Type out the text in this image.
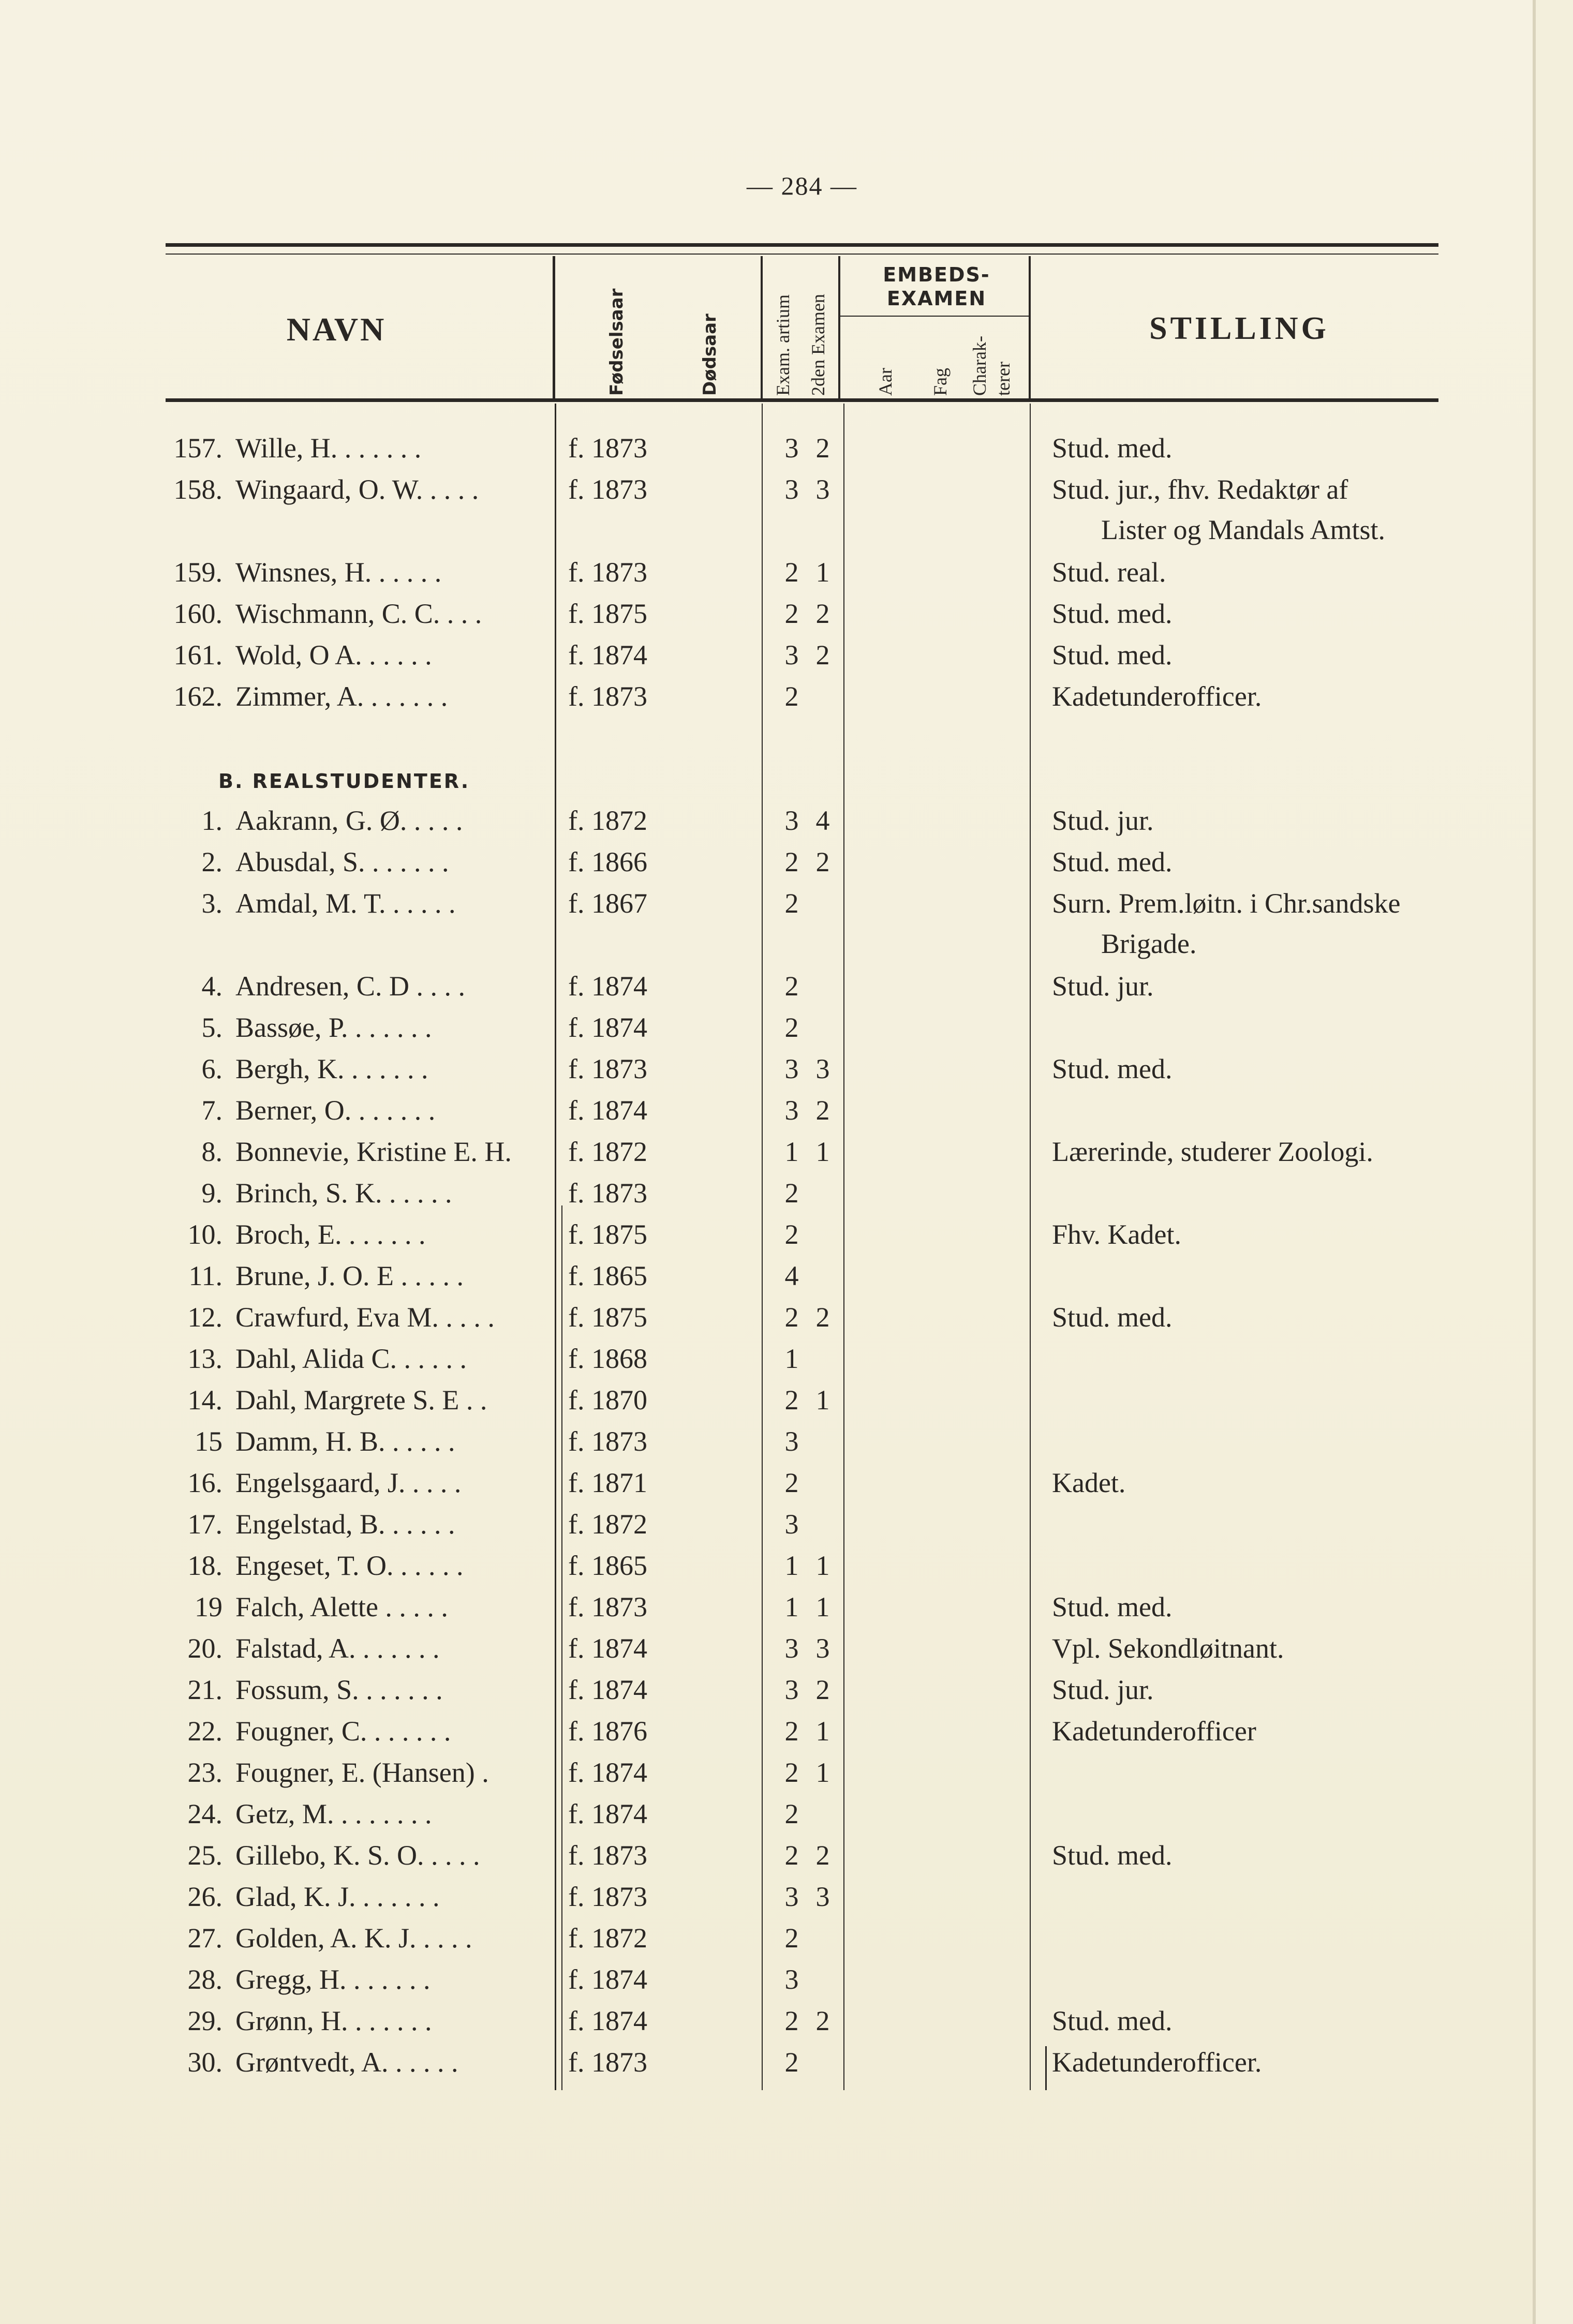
— 284 —
NAVN	STILLING
EMBEDS-
EXAMEN
Fødselsaar	Dødsaar	Exam. artium 2den Examen	Aar Fag Charak- terer
157. Wille, H. . . . . . .	f. 1873	3 2	Stud. med.
158. Wingaard, O. W. . . . .	f. 1873	3 3	Stud. jur., fhv. Redaktør af
Lister og Mandals Amtst.
159. Winsnes, H. . . . . .	f. 1873	2 1	Stud. real.
160. Wischmann, C. C. . . .	f. 1875	2 2	Stud. med.
161. Wold, O A. . . . . .	f. 1874	3 2	Stud. med.
162. Zimmer, A. . . . . . .	f. 1873	2	Kadetunderofficer.
B. REALSTUDENTER.
1. Aakrann, G. Ø. . . . .	f. 1872	3 4	Stud. jur.
2. Abusdal, S. . . . . . .	f. 1866	2 2	Stud. med.
3. Amdal, M. T. . . . . .	f. 1867	2	Surn. Prem.løitn. i Chr.sandske
Brigade.
4. Andresen, C. D . . . .	f. 1874	2	Stud. jur.
5. Bassøe, P. . . . . . .	f. 1874	2
6. Bergh, K. . . . . . .	f. 1873	3 3	Stud. med.
7. Berner, O. . . . . . .	f. 1874	3 2
8. Bonnevie, Kristine E. H.	f. 1872	1 1	Lærerinde, studerer Zoologi.
9. Brinch, S. K. . . . . .	f. 1873	2
10. Broch, E. . . . . . .	f. 1875	2	Fhv. Kadet.
11. Brune, J. O. E . . . . .	f. 1865	4
12. Crawfurd, Eva M. . . . .	f. 1875	2 2	Stud. med.
13. Dahl, Alida C. . . . . .	f. 1868	1
14. Dahl, Margrete S. E . .	f. 1870	2 1
15 Damm, H. B. . . . . .	f. 1873	3
16. Engelsgaard, J. . . . .	f. 1871	2	Kadet.
17. Engelstad, B. . . . . .	f. 1872	3
18. Engeset, T. O. . . . . .	f. 1865	1 1
19 Falch, Alette . . . . .	f. 1873	1 1	Stud. med.
20. Falstad, A. . . . . . .	f. 1874	3 3	Vpl. Sekondløitnant.
21. Fossum, S. . . . . . .	f. 1874	3 2	Stud. jur.
22. Fougner, C. . . . . . .	f. 1876	2 1	Kadetunderofficer
23. Fougner, E. (Hansen) .	f. 1874	2 1
24. Getz, M. . . . . . . .	f. 1874	2
25. Gillebo, K. S. O. . . . .	f. 1873	2 2	Stud. med.
26. Glad, K. J. . . . . . .	f. 1873	3 3
27. Golden, A. K. J. . . . .	f. 1872	2
28. Gregg, H. . . . . . .	f. 1874	3
29. Grønn, H. . . . . . .	f. 1874	2 2	Stud. med.
30. Grøntvedt, A. . . . . .	f. 1873	2	Kadetunderofficer.
